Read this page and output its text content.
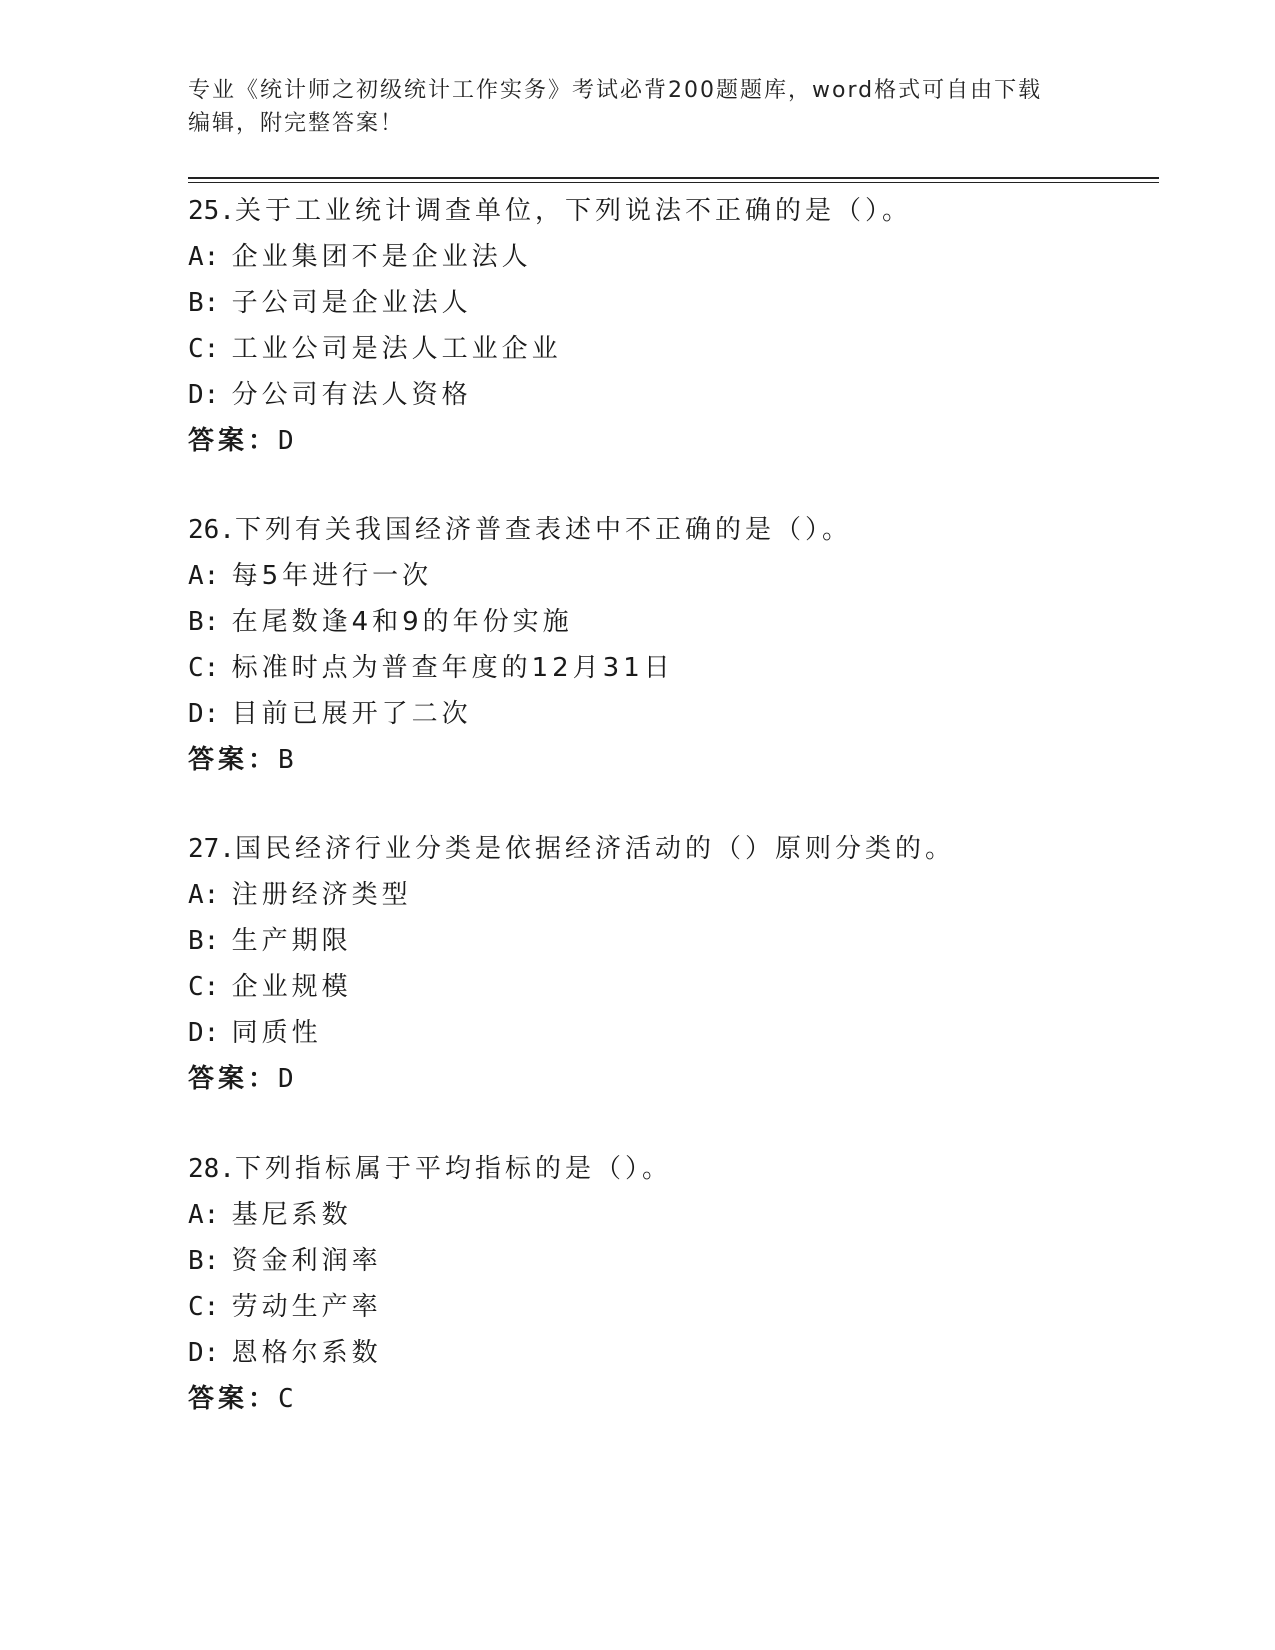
专业《统计师之初级统计工作实务》考试必背200题题库，word格式可自由下载
编辑，附完整答案！
25.关于工业统计调查单位，下列说法不正确的是（）。
A: 企业集团不是企业法人
B: 子公司是企业法人
C: 工业公司是法人工业企业
D: 分公司有法人资格
答案：D
26.下列有关我国经济普查表述中不正确的是（）。
A: 每5年进行一次
B: 在尾数逢4和9的年份实施
C: 标准时点为普查年度的12月31日
D: 目前已展开了二次
答案：B
27.国民经济行业分类是依据经济活动的（）原则分类的。
A: 注册经济类型
B: 生产期限
C: 企业规模
D: 同质性
答案：D
28.下列指标属于平均指标的是（）。
A: 基尼系数
B: 资金利润率
C: 劳动生产率
D: 恩格尔系数
答案：C
